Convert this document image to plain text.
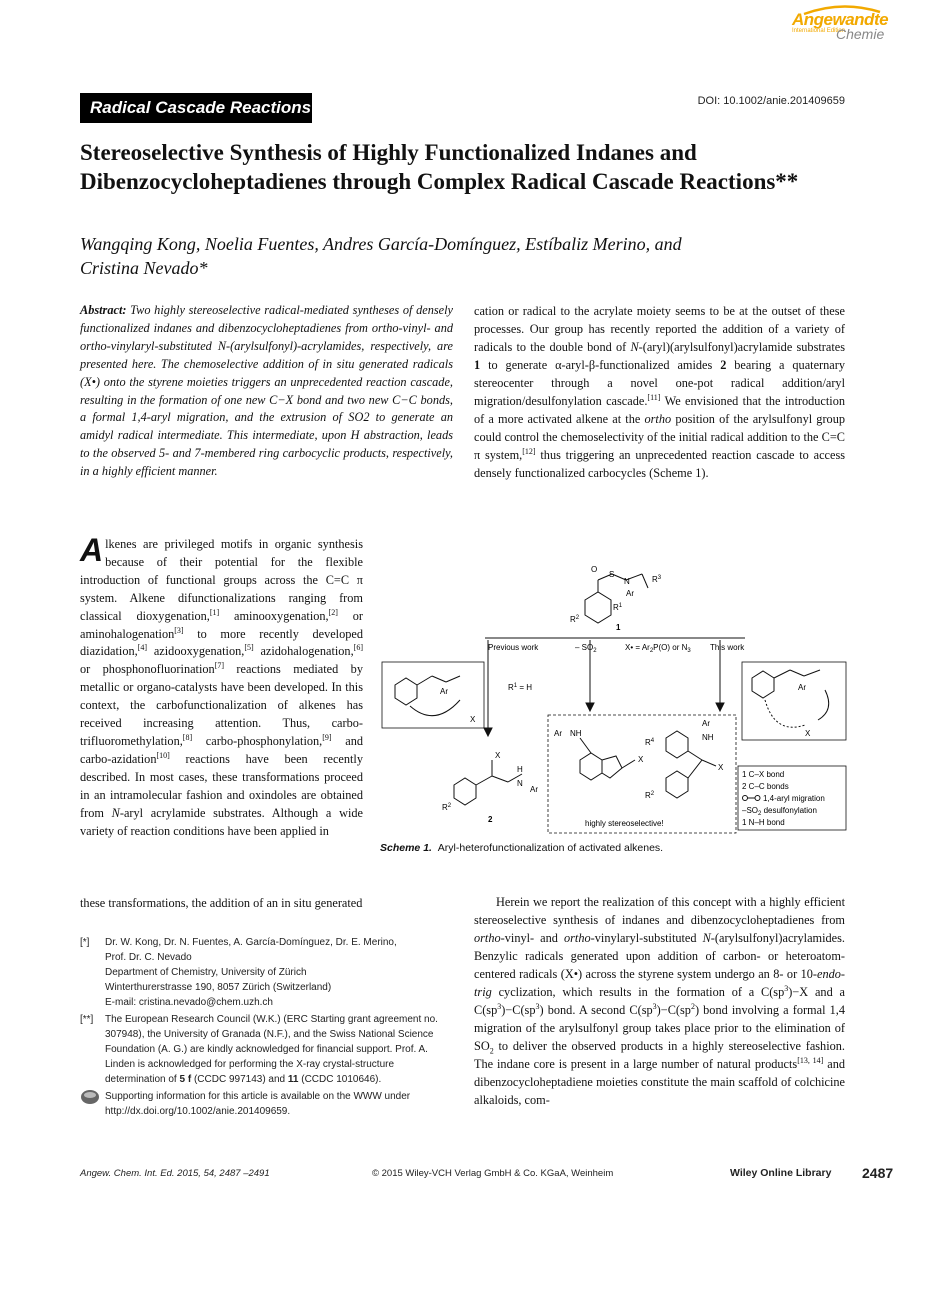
Angewandte
International Edition
Chemie
Radical Cascade Reactions	DOI: 10.1002/anie.201409659
Stereoselective Synthesis of Highly Functionalized Indanes and Dibenzocycloheptadienes through Complex Radical Cascade Reactions**
Wangqing Kong, Noelia Fuentes, Andres García-Domínguez, Estíbaliz Merino, and
Cristina Nevado*
Abstract: Two highly stereoselective radical-mediated syntheses of densely functionalized indanes and dibenzocycloheptadienes from ortho-vinyl- and ortho-vinylaryl-substituted N-(arylsulfonyl)-acrylamides, respectively, are presented here. The chemoselective addition of in situ generated radicals (X•) onto the styrene moieties triggers an unprecedented reaction cascade, resulting in the formation of one new C−X bond and two new C−C bonds, a formal 1,4-aryl migration, and the extrusion of SO2 to generate an amidyl radical intermediate. This intermediate, upon H abstraction, leads to the observed 5- and 7-membered ring carbocyclic products, respectively, in a highly efficient manner.
cation or radical to the acrylate moiety seems to be at the outset of these processes. Our group has recently reported the addition of a variety of radicals to the double bond of N-(aryl)(arylsulfonyl)acrylamide substrates 1 to generate α-aryl-β-functionalized amides 2 bearing a quaternary stereocenter through a novel one-pot radical addition/aryl migration/desulfonylation cascade.[11] We envisioned that the introduction of a more activated alkene at the ortho position of the arylsulfonyl group could control the chemoselectivity of the initial radical addition to the C=C π system,[12] thus triggering an unprecedented reaction cascade to access densely functionalized carbocycles (Scheme 1).
Alkenes are privileged motifs in organic synthesis because of their potential for the flexible introduction of functional groups across the C=C π system. Alkene difunctionalizations ranging from classical dioxygenation,[1] aminooxygenation,[2] or aminohalogenation[3] to more recently developed diazidation,[4] azidooxygenation,[5] azidohalogenation,[6] or phosphonofluorination[7] reactions mediated by metallic or organo-catalysts have been developed. In this context, the carbofunctionalization of alkenes has received increasing attention. Thus, carbo-trifluoromethylation,[8] carbo-phosphonylation,[9] and carbo-azidation[10] reactions have been recently described. In most cases, these transformations proceed in an intramolecular fashion and oxindoles are obtained from N-aryl acrylamide substrates. Although a wide variety of reaction conditions have been applied in
these transformations, the addition of an in situ generated
O
S
N
Ar
$R^3$
$R^1$
$R^2$
1
Previous work	– $SO_2$	X• = $Ar_2P(O)$ or $N_3$ This work
$R^1 = H$
Ar
X
Ar
X
H
N
Ar
X
$R^2$
2
Ar NH
X
Ar
NH
X
$R^4$
$R^2$
highly stereoselective!
1 C–X bond
2 C–C bonds
1,4-aryl migration
$-SO_2$ desulfonylation
1 N–H bond
Scheme 1. Aryl-heterofunctionalization of activated alkenes.
[*]	Dr. W. Kong, Dr. N. Fuentes, A. García-Domínguez, Dr. E. Merino,
Prof. Dr. C. Nevado
Department of Chemistry, University of Zürich
Winterthurerstrasse 190, 8057 Zürich (Switzerland)
E-mail: cristina.nevado@chem.uzh.ch
[**]	The European Research Council (W.K.) (ERC Starting grant agreement no. 307948), the University of Granada (N.F.), and the Swiss National Science Foundation (A. G.) are kindly acknowledged for financial support. Prof. A. Linden is acknowledged for performing the X-ray crystal-structure determination of 5 f (CCDC 997143) and 11 (CCDC 1010646).
Supporting information for this article is available on the WWW under http://dx.doi.org/10.1002/anie.201409659.

Herein we report the realization of this concept with a highly efficient stereoselective synthesis of indanes and dibenzocycloheptadienes from ortho-vinyl- and ortho-vinylaryl-substituted N-(arylsulfonyl)acrylamides. Benzylic radicals generated upon addition of carbon- or heteroatom-centered radicals (X•) across the styrene system undergo an 8- or 10-endo-trig cyclization, which results in the formation of a $C(sp^3)-X$ and a $C(sp^3)-C(sp^3)$ bond. A second $C(sp^3)-C(sp^2)$ bond involving a formal 1,4 migration of the arylsulfonyl group takes place prior to the elimination of $SO_2$ to deliver the observed products in a highly stereoselective fashion. The indane core is present in a large number of natural products[13, 14] and dibenzocycloheptadiene moieties constitute the main scaffold of colchicine alkaloids, com-

Angew. Chem. Int. Ed. 2015, 54, 2487 –2491	© 2015 Wiley-VCH Verlag GmbH & Co. KGaA, Weinheim	Wiley Online Library 2487
